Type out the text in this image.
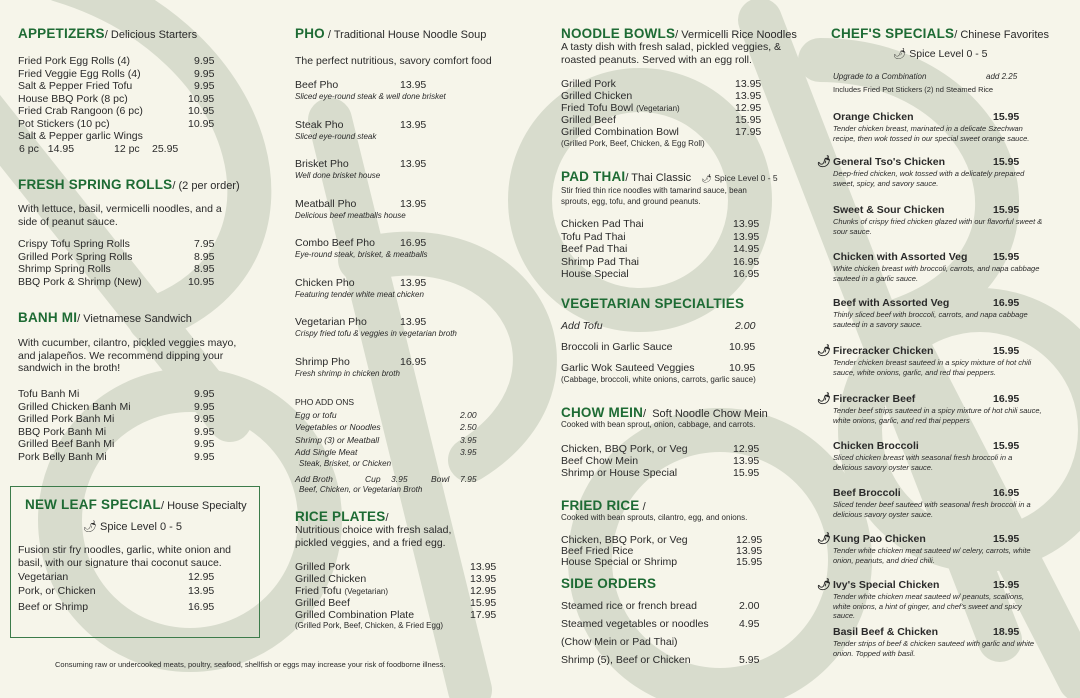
APPETIZERS/ Delicious Starters
Fried Pork Egg Rolls (4)	9.95
Fried Veggie Egg Rolls (4)	9.95
Salt & Pepper Fried Tofu	9.95
House BBQ Pork (8 pc)	10.95
Fried Crab Rangoon (6 pc)	10.95
Pot Stickers (10 pc)	10.95
Salt & Pepper garlic Wings
6 pc 14.95	12 pc 25.95
FRESH SPRING ROLLS/ (2 per order)
With lettuce, basil, vermicelli noodles, and a side of peanut sauce.
Crispy Tofu Spring Rolls	7.95
Grilled Pork Spring Rolls	8.95
Shrimp Spring Rolls	8.95
BBQ Pork & Shrimp (New)	10.95
BANH MI/ Vietnamese Sandwich
With cucumber, cilantro, pickled veggies mayo, and jalapeños. We recommend dipping your sandwich in the broth!
Tofu Banh Mi	9.95
Grilled Chicken Banh Mi	9.95
Grilled Pork Banh Mi	9.95
BBQ Pork Banh Mi	9.95
Grilled Beef Banh Mi	9.95
Pork Belly Banh Mi	9.95
NEW LEAF SPECIAL/ House Specialty
🌶 Spice Level 0 - 5
Fusion stir fry noodles, garlic, white onion and basil, with our signature thai coconut sauce.
Vegetarian	12.95
Pork, or Chicken	13.95
Beef or Shrimp	16.95
Consuming raw or undercooked meats, poultry, seafood, shellfish or eggs may increase your risk of foodborne illness.
PHO / Traditional House Noodle Soup
The perfect nutritious, savory comfort food
Beef Pho	13.95
Sliced eye-round steak & well done brisket
Steak Pho	13.95
Sliced eye-round steak
Brisket Pho	13.95
Well done brisket house
Meatball Pho	13.95
Delicious beef meatballs house
Combo Beef Pho 16.95
Eye-round steak, brisket, & meatballs
Chicken Pho	13.95
Featuring tender white meat chicken
Vegetarian Pho	13.95
Crispy fried tofu & veggies in vegetarian broth
Shrimp Pho	16.95
Fresh shrimp in chicken broth
PHO ADD ONS
Egg or tofu	2.00
Vegetables or Noodles	2.50
Shrimp (3) or Meatball	3.95
Add Single Meat	3.95
Steak, Brisket, or Chicken
Add Broth	Cup 3.95	Bowl 7.95
Beef, Chicken, or Vegetarian Broth
RICE PLATES/
Nutritious choice with fresh salad, pickled veggies, and a fried egg.
Grilled Pork	13.95
Grilled Chicken	13.95
Fried Tofu (Vegetarian)	12.95
Grilled Beef	15.95
Grilled Combination Plate	17.95
(Grilled Pork, Beef, Chicken, & Fried Egg)
NOODLE BOWLS/ Vermicelli Rice Noodles
A tasty dish with fresh salad, pickled veggies, & roasted peanuts. Served with an egg roll.
Grilled Pork	13.95
Grilled Chicken	13.95
Fried Tofu Bowl (Vegetarian)	12.95
Grilled Beef	15.95
Grilled Combination Bowl	17.95
(Grilled Pork, Beef, Chicken, & Egg Roll)
PAD THAI/ Thai Classic 🌶 Spice Level 0 - 5
Stir fried thin rice noodles with tamarind sauce, bean sprouts, egg, tofu, and ground peanuts.
Chicken Pad Thai	13.95
Tofu Pad Thai	13.95
Beef Pad Thai	14.95
Shrimp Pad Thai	16.95
House Special	16.95
VEGETARIAN SPECIALTIES
Add Tofu	2.00
Broccoli in Garlic Sauce	10.95
Garlic Wok Sauteed Veggies	10.95
(Cabbage, broccoli, white onions, carrots, garlic sauce)
CHOW MEIN/  Soft Noodle Chow Mein
Cooked with bean sprout, onion, cabbage, and carrots.
Chicken, BBQ Pork, or Veg	12.95
Beef Chow Mein	13.95
Shrimp or House Special	15.95
FRIED RICE /
Cooked with bean sprouts, cilantro, egg, and onions.
Chicken, BBQ Pork, or Veg	12.95
Beef Fried Rice	13.95
House Special or Shrimp	15.95
SIDE ORDERS
Steamed rice or french bread	2.00
Steamed vegetables or noodles	4.95
(Chow Mein or Pad Thai)
Shrimp (5), Beef or Chicken	5.95
CHEF'S SPECIALS/ Chinese Favorites
🌶 Spice Level 0 - 5
Upgrade to a Combination	add 2.25
Includes Fried Pot Stickers (2) nd Steamed Rice
Orange Chicken	15.95
Tender chicken breast, marinated in a delicate Szechwan recipe, then wok tossed in our special sweet orange sauce.
🌶 General Tso's Chicken	15.95
Deep-fried chicken, wok tossed with a delicately prepared sweet, spicy, and savory sauce.
Sweet & Sour Chicken	15.95
Chunks of crispy fried chicken glazed with our flavorful sweet & sour sauce.
Chicken with Assorted Veg 15.95
White chicken breast with broccoli, carrots, and napa cabbage sauteed in a garlic sauce.
Beef with Assorted Veg	16.95
Thinly sliced beef with broccoli, carrots, and napa cabbage sauteed in a savory sauce.
🌶 Firecracker Chicken	15.95
Tender chicken breast sauteed in a spicy mixture of hot chili sauce, white onions, garlic, and red thai peppers.
🌶 Firecracker Beef	16.95
Tender beef strips sauteed in a spicy mixture of hot chili sauce, white onions, garlic, and red thai peppers
Chicken Broccoli	15.95
Sliced chicken breast with seasonal fresh broccoli in a delicious savory oyster sauce.
Beef Broccoli	16.95
Sliced tender beef sauteed with seasonal fresh broccoli in a delicious savory oyster sauce.
🌶 Kung Pao Chicken	15.95
Tender white chicken meat sauteed w/ celery, carrots, white onion, peanuts, and dried chili.
🌶 Ivy's Special Chicken	15.95
Tender white chicken meat sauteed w/ peanuts, scallions, white onions, a hint of ginger, and chef's sweet and spicy sauce.
Basil Beef & Chicken	18.95
Tender strips of beef & chicken sauteed with garlic and white onion. Topped with basil.
